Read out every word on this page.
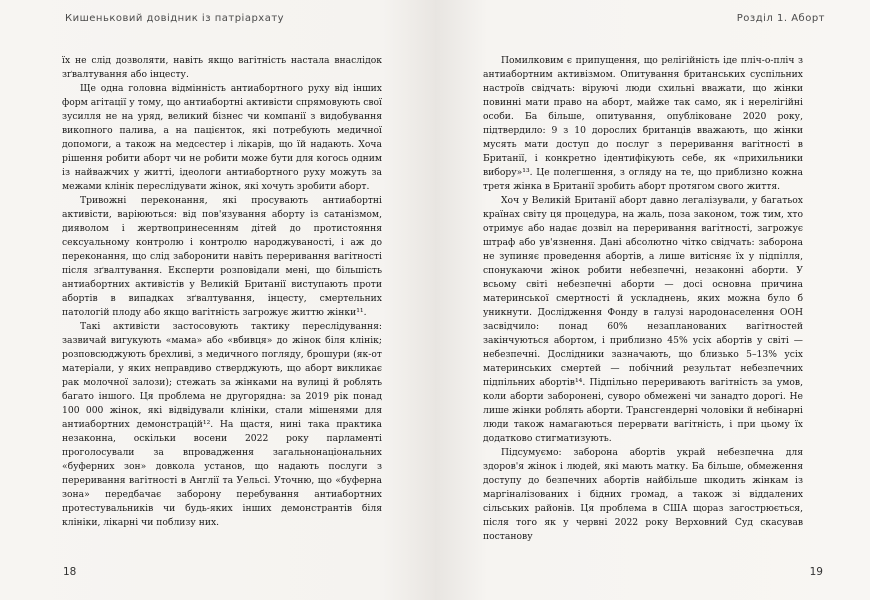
Кишеньковий довідник із патріархату

їх не слід дозволяти, навіть якщо вагітність настала внаслідок зґвалтування або інцесту.

Ще одна головна відмінність антиабортного руху від інших форм агітації у тому, що антиабортні активісти спрямовують свої зусилля не на уряд, великий бізнес чи компанії з видобування викопного палива, а на пацієнток, які потребують медичної допомоги, а також на медсестер і лікарів, що їй надають. Хоча рішення робити аборт чи не робити може бути для когось одним із найважчих у житті, ідеологи антиабортного руху можуть за межами клінік переслідувати жінок, які хочуть зробити аборт.

Тривожні переконання, які просувають антиабортні активісти, варіюються: від пов'язування аборту із сатанізмом, дияволом і жертвопринесенням дітей до протистояння сексуальному контролю і контролю народжуваності, і аж до переконання, що слід заборонити навіть переривання вагітності після зґвалтування. Експерти розповідали мені, що більшість антиабортних активістів у Великій Британії виступають проти абортів в випадках зґвалтування, інцесту, смертельних патологій плоду або якщо вагітність загрожує життю жінки¹¹.

Такі активісти застосовують тактику переслідування: зазвичай вигукують «мама» або «вбивця» до жінок біля клінік; розповсюджують брехливі, з медичного погляду, брошури (як-от матеріали, у яких неправдиво стверджують, що аборт викликає рак молочної залози); стежать за жінками на вулиці й роблять багато іншого. Ця проблема не другорядна: за 2019 рік понад 100 000 жінок, які відвідували клініки, стали мішенями для антиабортних демонстрацій¹². На щастя, нині така практика незаконна, оскільки восени 2022 року парламенті проголосували за впровадження загальнонаціональних «буферних зон» довкола установ, що надають послуги з переривання вагітності в Англії та Уельсі. Уточню, що «буферна зона» передбачає заборону перебування антиабортних протестувальників чи будь-яких інших демонстрантів біля клініки, лікарні чи поблизу них.

18
Розділ 1. Аборт

Помилковим є припущення, що релігійність іде пліч-о-пліч з антиабортним активізмом. Опитування британських суспільних настроїв свідчать: віруючі люди схильні вважати, що жінки повинні мати право на аборт, майже так само, як і нерелігійні особи. Ба більше, опитування, опубліковане 2020 року, підтвердило: 9 з 10 дорослих британців вважають, що жінки мусять мати доступ до послуг з переривання вагітності в Британії, і конкретно ідентифікують себе, як «прихильники вибору»¹³. Це полегшення, з огляду на те, що приблизно кожна третя жінка в Британії зробить аборт протягом свого життя.

Хоч у Великій Британії аборт давно легалізували, у багатьох країнах світу ця процедура, на жаль, поза законом, тож тим, хто отримує або надає дозвіл на переривання вагітності, загрожує штраф або ув'язнення. Дані абсолютно чітко свідчать: заборона не зупиняє проведення абортів, а лише витісняє їх у підпілля, спонукаючи жінок робити небезпечні, незаконні аборти. У всьому світі небезпечні аборти — досі основна причина материнської смертності й ускладнень, яких можна було б уникнути. Дослідження Фонду в галузі народонаселення ООН засвідчило: понад 60% незапланованих вагітностей закінчуються абортом, і приблизно 45% усіх абортів у світі — небезпечні. Дослідники зазначають, що близько 5–13% усіх материнських смертей — побічний результат небезпечних підпільних абортів¹⁴. Підпільно переривають вагітність за умов, коли аборти заборонені, суворо обмежені чи занадто дорогі. Не лише жінки роблять аборти. Трансгендерні чоловіки й небінарні люди також намагаються перервати вагітність, і при цьому їх додатково стигматизують.

Підсумуємо: заборона абортів украй небезпечна для здоров'я жінок і людей, які мають матку. Ба більше, обмеження доступу до безпечних абортів найбільше шкодить жінкам із маргіналізованих і бідних громад, а також зі віддалених сільських районів. Ця проблема в США щораз загострюється, після того як у червні 2022 року Верховний Суд скасував постанову

19
